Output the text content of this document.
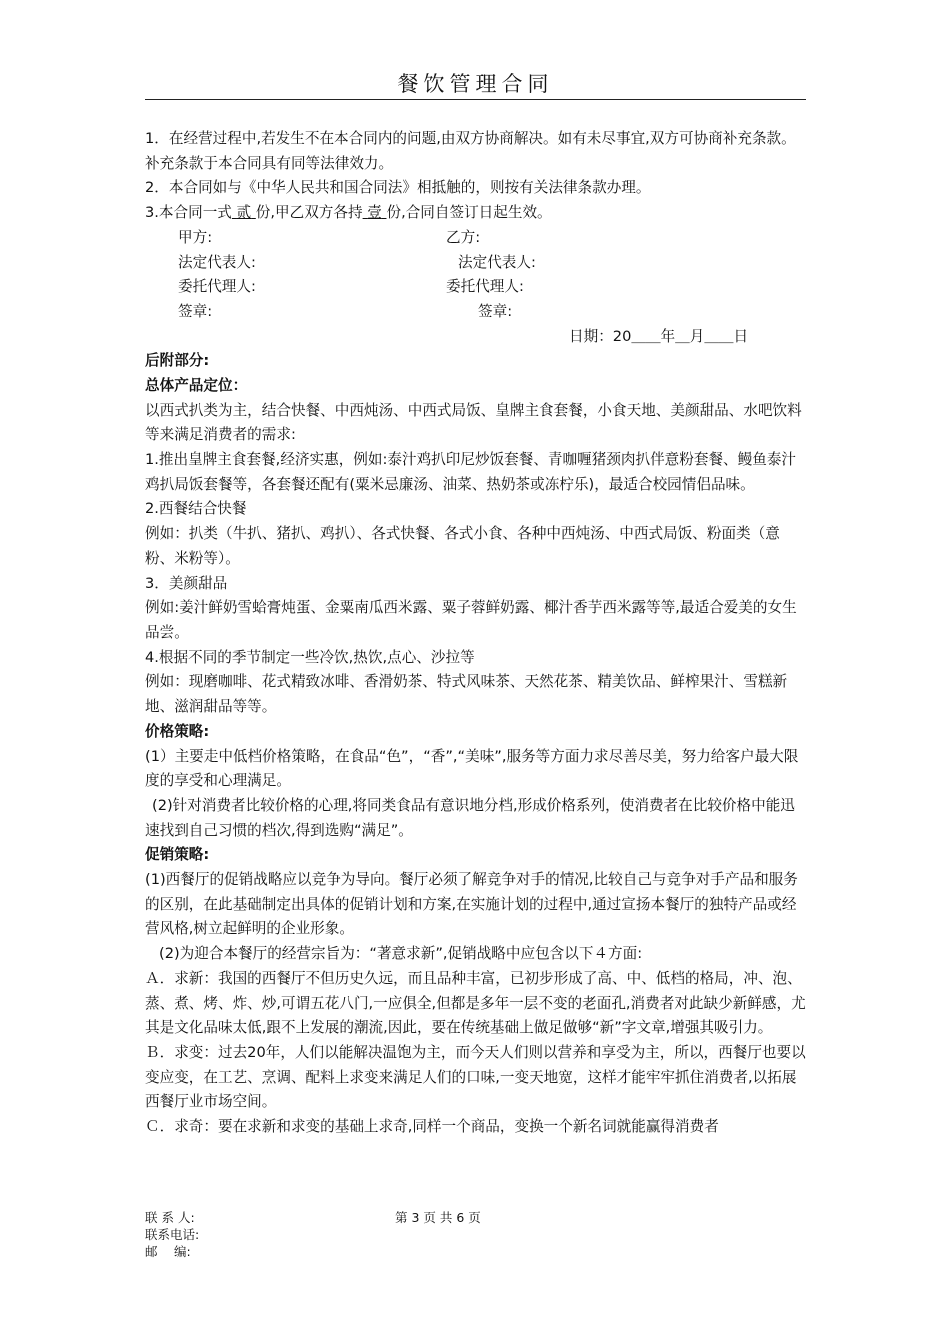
餐饮管理合同

1．在经营过程中,若发生不在本合同内的问题,由双方协商解决。如有未尽事宜,双方可协商补充条款。补充条款于本合同具有同等法律效力。

2．本合同如与《中华人民共和国合同法》相抵触的，则按有关法律条款办理。

3.本合同一式 贰 份,甲乙双方各持 壹 份,合同自签订日起生效。

甲方:	乙方:
法定代表人:	法定代表人:
委托代理人:	委托代理人:
签章:	签章:
日期：20＿＿年＿月＿＿日

后附部分:

总体产品定位：

以西式扒类为主，结合快餐、中西炖汤、中西式局饭、皇牌主食套餐，小食天地、美颜甜品、水吧饮料等来满足消费者的需求:

1.推出皇牌主食套餐,经济实惠，例如:泰汁鸡扒印尼炒饭套餐、青咖喱猪颈肉扒伴意粉套餐、鳗鱼泰汁鸡扒局饭套餐等，各套餐还配有(粟米忌廉汤、油菜、热奶茶或冻柠乐)，最适合校园情侣品味。

2.西餐结合快餐

例如：扒类（牛扒、猪扒、鸡扒）、各式快餐、各式小食、各种中西炖汤、中西式局饭、粉面类（意粉、米粉等）。

3．美颜甜品

例如:姜汁鲜奶雪蛤膏炖蛋、金粟南瓜西米露、粟子蓉鲜奶露、椰汁香芋西米露等等,最适合爱美的女生品尝。

4.根据不同的季节制定一些冷饮,热饮,点心、沙拉等

例如：现磨咖啡、花式精致冰啡、香滑奶茶、特式风味茶、天然花茶、精美饮品、鲜榨果汁、雪糕新地、滋润甜品等等。

价格策略:

(1）主要走中低档价格策略，在食品“色”，“香”,“美味”,服务等方面力求尽善尽美，努力给客户最大限度的享受和心理满足。

(2)针对消费者比较价格的心理,将同类食品有意识地分档,形成价格系列，使消费者在比较价格中能迅速找到自己习惯的档次,得到选购“满足”。

促销策略:

(1)西餐厅的促销战略应以竞争为导向。餐厅必须了解竞争对手的情况,比较自己与竞争对手产品和服务的区别，在此基础制定出具体的促销计划和方案,在实施计划的过程中,通过宣扬本餐厅的独特产品或经营风格,树立起鲜明的企业形象。

(2)为迎合本餐厅的经营宗旨为：“著意求新”,促销战略中应包含以下４方面:

Ａ．求新：我国的西餐厅不但历史久远，而且品种丰富，已初步形成了高、中、低档的格局，冲、泡、蒸、煮、烤、炸、炒,可谓五花八门,一应俱全,但都是多年一层不变的老面孔,消费者对此缺少新鲜感，尤其是文化品味太低,跟不上发展的潮流,因此，要在传统基础上做足做够“新”字文章,增强其吸引力。

Ｂ．求变：过去20年，人们以能解决温饱为主，而今天人们则以营养和享受为主，所以，西餐厅也要以变应变，在工艺、烹调、配料上求变来满足人们的口味,一变天地宽，这样才能牢牢抓住消费者,以拓展西餐厅业市场空间。

Ｃ．求奇：要在求新和求变的基础上求奇,同样一个商品，变换一个新名词就能赢得消费者

联 系 人:	第 3 页 共 6 页
联系电话:
邮　 编:
